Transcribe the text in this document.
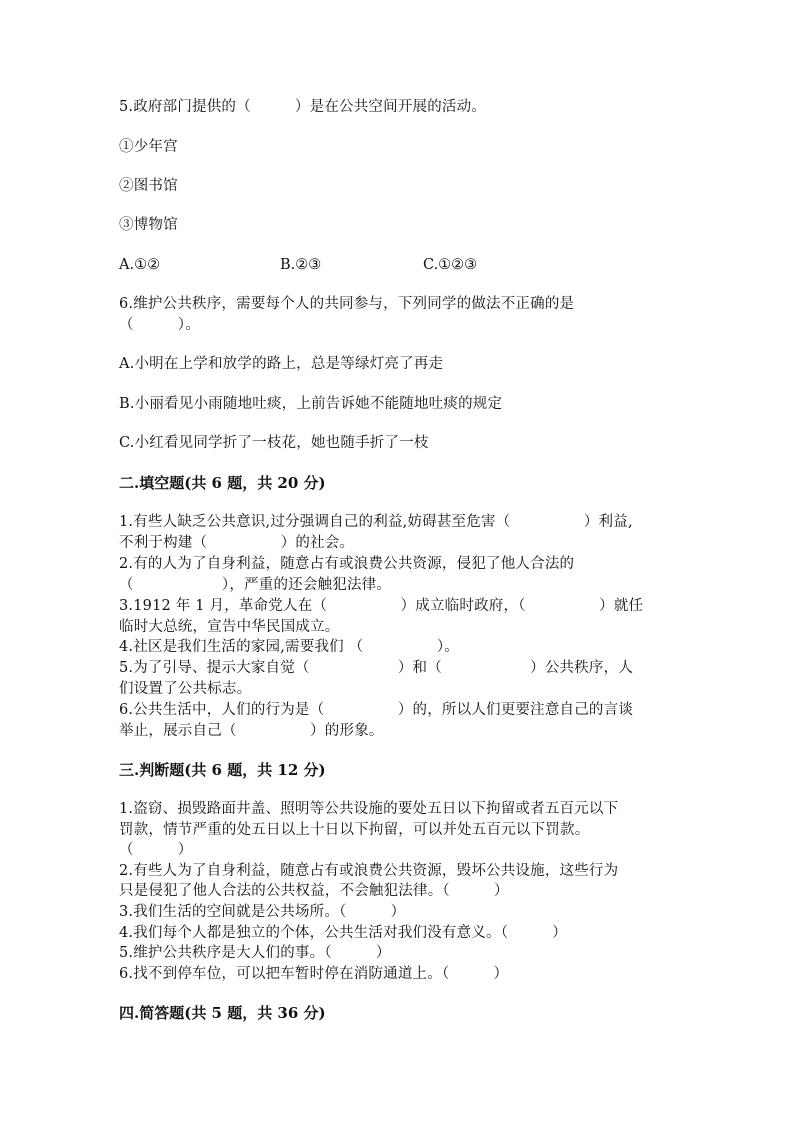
5.政府部门提供的（　　　）是在公共空间开展的活动。
①少年宫
②图书馆
③博物馆
A.①②	B.②③	C.①②③
6.维护公共秩序，需要每个人的共同参与，下列同学的做法不正确的是
（　　　）。
A.小明在上学和放学的路上，总是等绿灯亮了再走
B.小丽看见小雨随地吐痰，上前告诉她不能随地吐痰的规定
C.小红看见同学折了一枝花，她也随手折了一枝
二.填空题(共 6 题，共 20 分)
1.有些人缺乏公共意识,过分强调自己的利益,妨碍甚至危害（　　　　　）利益,
不利于构建（　　　　　）的社会。
2.有的人为了自身利益，随意占有或浪费公共资源，侵犯了他人合法的
（　　　　　　），严重的还会触犯法律。
3.1912 年 1 月，革命党人在（　　　　　）成立临时政府，（　　　　　）就任
临时大总统，宣告中华民国成立。
4.社区是我们生活的家园,需要我们 （　　　　　）。
5.为了引导、提示大家自觉（　　　　　　）和（　　　　　　）公共秩序，人
们设置了公共标志。
6.公共生活中，人们的行为是（　　　　　）的，所以人们更要注意自己的言谈
举止，展示自己（　　　　　）的形象。
三.判断题(共 6 题，共 12 分)
1.盗窃、损毁路面井盖、照明等公共设施的要处五日以下拘留或者五百元以下
罚款，情节严重的处五日以上十日以下拘留，可以并处五百元以下罚款。
（　　　）
2.有些人为了自身利益，随意占有或浪费公共资源，毁坏公共设施，这些行为
只是侵犯了他人合法的公共权益，不会触犯法律。（　　　）
3.我们生活的空间就是公共场所。（　　　）
4.我们每个人都是独立的个体，公共生活对我们没有意义。（　　　）
5.维护公共秩序是大人们的事。（　　　）
6.找不到停车位，可以把车暂时停在消防通道上。（　　　）
四.简答题(共 5 题，共 36 分)
